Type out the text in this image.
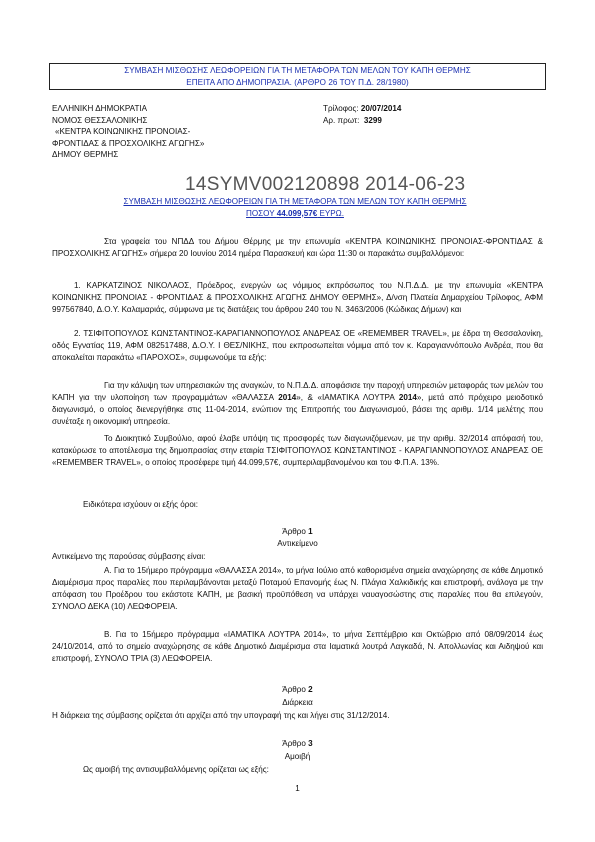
ΣΥΜΒΑΣΗ ΜΙΣΘΩΣΗΣ ΛΕΩΦΟΡΕΙΩΝ ΓΙΑ ΤΗ ΜΕΤΑΦΟΡΑ ΤΩΝ ΜΕΛΩΝ ΤΟΥ ΚΑΠΗ ΘΕΡΜΗΣ
ΕΠΕΙΤΑ ΑΠΟ ΔΗΜΟΠΡΑΣΙΑ. (ΑΡΘΡΟ 26 ΤΟΥ Π.Δ. 28/1980)
ΕΛΛΗΝΙΚΗ ΔΗΜΟΚΡΑΤΙΑ
ΝΟΜΟΣ ΘΕΣΣΑΛΟΝΙΚΗΣ
«ΚΕΝΤΡΑ ΚΟΙΝΩΝΙΚΗΣ ΠΡΟΝΟΙΑΣ-
ΦΡΟΝΤΙΔΑΣ & ΠΡΟΣΧΟΛΙΚΗΣ ΑΓΩΓΗΣ»
ΔΗΜΟΥ ΘΕΡΜΗΣ
Τρίλοφος: 20/07/2014
Αρ. πρωτ: 3299
14SYMV002120898 2014-06-23
ΣΥΜΒΑΣΗ ΜΙΣΘΩΣΗΣ ΛΕΩΦΟΡΕΙΩΝ ΓΙΑ ΤΗ ΜΕΤΑΦΟΡΑ ΤΩΝ ΜΕΛΩΝ ΤΟΥ ΚΑΠΗ ΘΕΡΜΗΣ
ΠΟΣΟΥ 44.099,57€ ΕΥΡΩ.
Στα γραφεία του ΝΠΔΔ του Δήμου Θέρμης με την επωνυμία «ΚΕΝΤΡΑ ΚΟΙΝΩΝΙΚΗΣ ΠΡΟΝΟΙΑΣ-ΦΡΟΝΤΙΔΑΣ & ΠΡΟΣΧΟΛΙΚΗΣ ΑΓΩΓΗΣ» σήμερα 20 Ιουνίου 2014 ημέρα Παρασκευή και ώρα 11:30 οι παρακάτω συμβαλλόμενοι:
1. ΚΑΡΚΑΤΖΙΝΟΣ ΝΙΚΟΛΑΟΣ, Πρόεδρος, ενεργών ως νόμιμος εκπρόσωπος του Ν.Π.Δ.Δ. με την επωνυμία «ΚΕΝΤΡΑ ΚΟΙΝΩΝΙΚΗΣ ΠΡΟΝΟΙΑΣ - ΦΡΟΝΤΙΔΑΣ & ΠΡΟΣΧΟΛΙΚΗΣ ΑΓΩΓΗΣ ΔΗΜΟΥ ΘΕΡΜΗΣ», Δ/νση Πλατεία Δημαρχείου Τρίλοφος, ΑΦΜ 997567840, Δ.Ο.Υ. Καλαμαριάς, σύμφωνα με τις διατάξεις του άρθρου 240 του Ν. 3463/2006 (Κώδικας Δήμων) και
2. ΤΣΙΦΙΤΟΠΟΥΛΟΣ ΚΩΝΣΤΑΝΤΙΝΟΣ-ΚΑΡΑΓΙΑΝΝΟΠΟΥΛΟΣ ΑΝΔΡΕΑΣ ΟΕ «REMEMBER TRAVEL», με έδρα τη Θεσσαλονίκη, οδός Εγνατίας 119, ΑΦΜ 082517488, Δ.Ο.Υ. Ι ΘΕΣ/ΝΙΚΗΣ, που εκπροσωπείται νόμιμα από τον κ. Καραγιαννόπουλο Ανδρέα, που θα αποκαλείται παρακάτω «ΠΑΡΟΧΟΣ», συμφωνούμε τα εξής:
Για την κάλυψη των υπηρεσιακών της αναγκών, το Ν.Π.Δ.Δ. αποφάσισε την παροχή υπηρεσιών μεταφοράς των μελών του ΚΑΠΗ για την υλοποίηση των προγραμμάτων «ΘΑΛΑΣΣΑ 2014», & «ΙΑΜΑΤΙΚΑ ΛΟΥΤΡΑ 2014», μετά από πρόχειρο μειοδοτικό διαγωνισμό, ο οποίος διενεργήθηκε στις 11-04-2014, ενώπιον της Επιτροπής του Διαγωνισμού, βάσει της αριθμ. 1/14 μελέτης που συνέταξε η οικονομική υπηρεσία.
Το Διοικητικό Συμβούλιο, αφού έλαβε υπόψη τις προσφορές των διαγωνιζόμενων, με την αριθμ. 32/2014 απόφασή του, κατακύρωσε το αποτέλεσμα της δημοπρασίας στην εταιρία ΤΣΙΦΙΤΟΠΟΥΛΟΣ ΚΩΝΣΤΑΝΤΙΝΟΣ - ΚΑΡΑΓΙΑΝΝΟΠΟΥΛΟΣ ΑΝΔΡΕΑΣ ΟΕ «REMEMBER TRAVEL», ο οποίος προσέφερε τιμή 44.099,57€, συμπεριλαμβανομένου και του Φ.Π.Α. 13%.
Ειδικότερα ισχύουν οι εξής όροι:
Άρθρο 1
Αντικείμενο
Αντικείμενο της παρούσας σύμβασης είναι:
Α. Για το 15ήμερο πρόγραμμα «ΘΑΛΑΣΣΑ 2014», το μήνα Ιούλιο από καθορισμένα σημεία αναχώρησης σε κάθε Δημοτικό Διαμέρισμα προς παραλίες που περιλαμβάνονται μεταξύ Ποταμού Επανομής έως Ν. Πλάγια Χαλκιδικής και επιστροφή, ανάλογα με την απόφαση του Προέδρου του εκάστοτε ΚΑΠΗ, με βασική προϋπόθεση να υπάρχει ναυαγοσώστης στις παραλίες που θα επιλεγούν, ΣΥΝΟΛΟ ΔΕΚΑ (10) ΛΕΩΦΟΡΕΙΑ.
Β. Για το 15ήμερο πρόγραμμα «ΙΑΜΑΤΙΚΑ ΛΟΥΤΡΑ 2014», το μήνα Σεπτέμβριο και Οκτώβριο από 08/09/2014 έως 24/10/2014, από το σημείο αναχώρησης σε κάθε Δημοτικό Διαμέρισμα στα Ιαματικά λουτρά Λαγκαδά, Ν. Απολλωνίας και Αιδηψού και επιστροφή, ΣΥΝΟΛΟ ΤΡΙΑ (3) ΛΕΩΦΟΡΕΙΑ.
Άρθρο 2
Διάρκεια
Η διάρκεια της σύμβασης ορίζεται ότι αρχίζει από την υπογραφή της και λήγει στις 31/12/2014.
Άρθρο 3
Αμοιβή
Ως αμοιβή της αντισυμβαλλόμενης ορίζεται ως εξής:
1
